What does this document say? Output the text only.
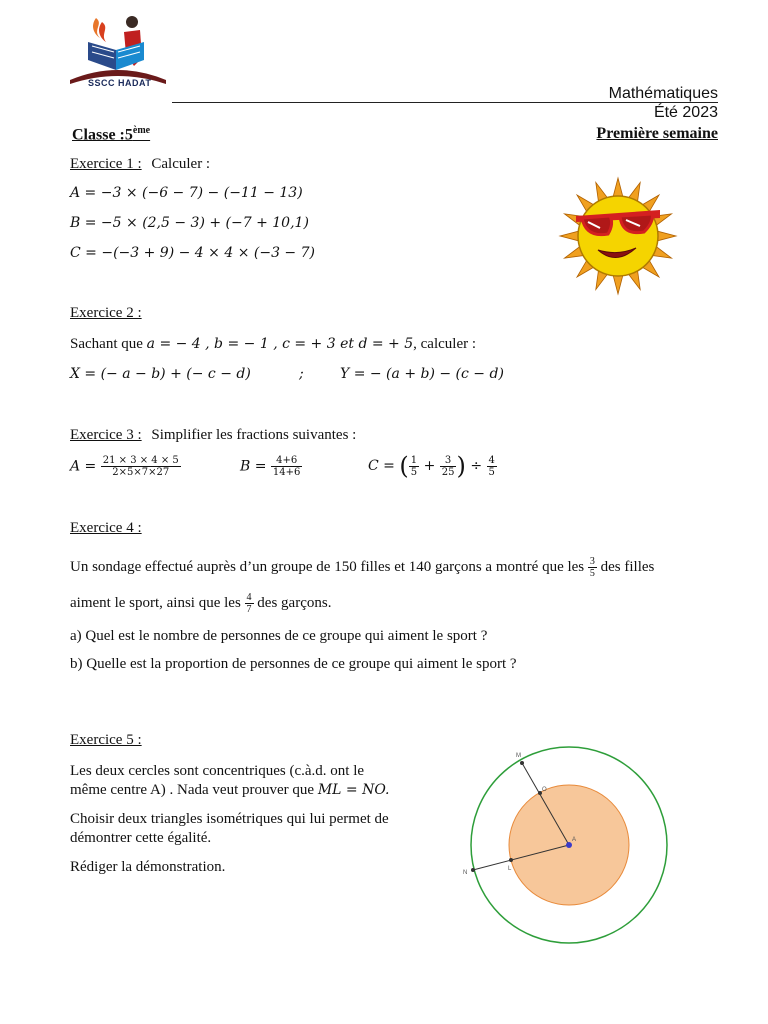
SSCC HADAT
Mathématiques
Été 2023
Classe :5ème	Première semaine
Exercice 1 : Calculer :
A = −3 × (−6 − 7) − (−11 − 13)
B = −5 × (2,5 − 3) + (−7 + 10,1)
C = −(−3 + 9) − 4 × 4 × (−3 − 7)
Exercice 2 :
Sachant que a = − 4 , b = − 1 , c = + 3 et d = + 5, calculer :
X = (− a − b) + (− c − d)	;	Y = − (a + b) − (c − d)
Exercice 3 : Simplifier les fractions suivantes :
$A = \frac{21 \times 3 \times 4 \times 5}{2\times 5\times 7\times 27}$	$B = \frac{4+6}{14+6}$	C = ( $\frac{1}{5} + \frac{3}{25}$ ) ÷ $\frac{4}{5}$
Exercice 4 :
Un sondage effectué auprès d’un groupe de 150 filles et 140 garçons a montré que les $\frac{3}{5}$ des filles
aiment le sport, ainsi que les $\frac{4}{7}$ des garçons.
a) Quel est le nombre de personnes de ce groupe qui aiment le sport ?
b) Quelle est la proportion de personnes de ce groupe qui aiment le sport ?
Exercice 5 :
Les deux cercles sont concentriques (c.à.d. ont le
même centre A) . Nada veut prouver que ML = NO.
Choisir deux triangles isométriques qui lui permet de
démontrer cette égalité.
Rédiger la démonstration.
M
O
A
N
L
